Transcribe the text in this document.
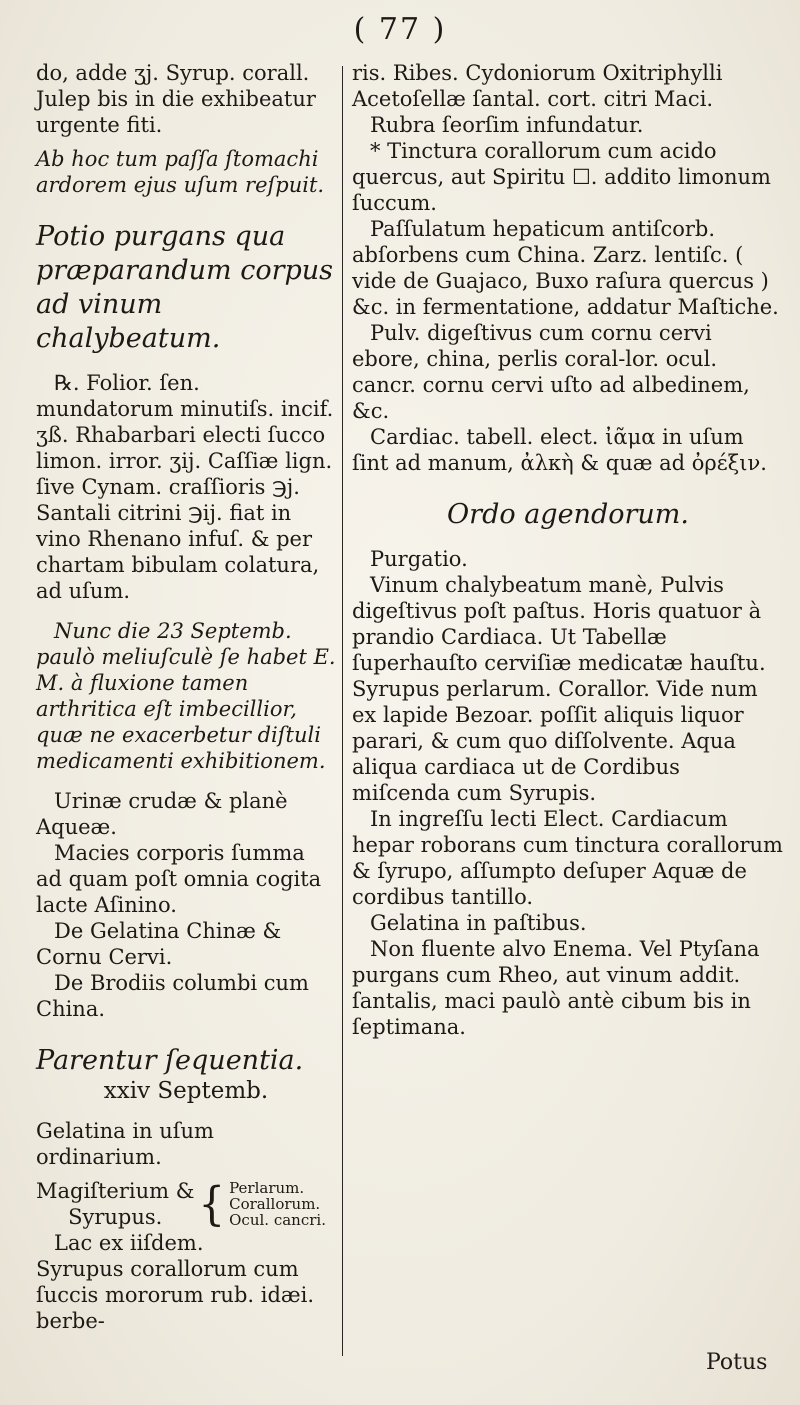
( 77 )

do, adde ʒj. Syrup. corall. Julep bis in die exhibeatur urgente fiti.

Ab hoc tum paſſa ſtomachi ardorem ejus uſum reſpuit.

Potio purgans qua præparandum corpus ad vinum chalybeatum.

℞. Folior. ſen. mundatorum minutiſs. incif. ʒß. Rhabarbari electi ſucco limon. irror. ʒij. Caſſiæ lign. ſive Cynam. craſſioris ℈j. Santali citrini ℈ij. fiat in vino Rhenano infuſ. & per chartam bibulam colatura, ad uſum.

Nunc die 23 Septemb. paulò meliuſculè ſe habet E. M. à fluxione tamen arthritica eſt imbecillior, quæ ne exacerbetur diſtuli medicamenti exhibitionem.

Urinæ crudæ & planè Aqueæ.

Macies corporis ſumma ad quam poſt omnia cogita lacte Aſinino.

De Gelatina Chinæ & Cornu Cervi.

De Brodiis columbi cum China.

Parentur ſequentia.

xxiv Septemb.

Gelatina in uſum ordinarium.

Magiſterium &
Syrupus. { Perlarum.
Corallorum.
Ocul. cancri.

Lac ex iiſdem.

Syrupus corallorum cum ſuccis mororum rub. idæi. berbe-

ris. Ribes. Cydoniorum Oxitriphylli Acetoſellæ ſantal. cort. citri Maci.

Rubra ſeorſim infundatur.

* Tinctura corallorum cum acido quercus, aut Spiritu ☐. addito limonum ſuccum.

Paſſulatum hepaticum antiſcorb. abſorbens cum China. Zarz. lentiſc. ( vide de Guajaco, Buxo raſura quercus ) &c. in fermentatione, addatur Maſtiche.

Pulv. digeſtivus cum cornu cervi ebore, china, perlis coral-lor. ocul. cancr. cornu cervi uſto ad albedinem, &c.

Cardiac. tabell. elect. ἰᾶμα in uſum ſint ad manum, ἀλκὴ & quæ ad ὀρέξιν.

Ordo agendorum.

Purgatio.

Vinum chalybeatum manè, Pulvis digeſtivus poſt paſtus. Horis quatuor à prandio Cardiaca. Ut Tabellæ ſuperhauſto cerviſiæ medicatæ hauſtu. Syrupus perlarum. Corallor. Vide num ex lapide Bezoar. poſſit aliquis liquor parari, & cum quo diſſolvente. Aqua aliqua cardiaca ut de Cordibus miſcenda cum Syrupis.

In ingreſſu lecti Elect. Cardiacum hepar roborans cum tinctura corallorum & ſyrupo, aſſumpto deſuper Aquæ de cordibus tantillo.

Gelatina in paſtibus.

Non fluente alvo Enema. Vel Ptyſana purgans cum Rheo, aut vinum addit. ſantalis, maci paulò antè cibum bis in ſeptimana.

Potus
